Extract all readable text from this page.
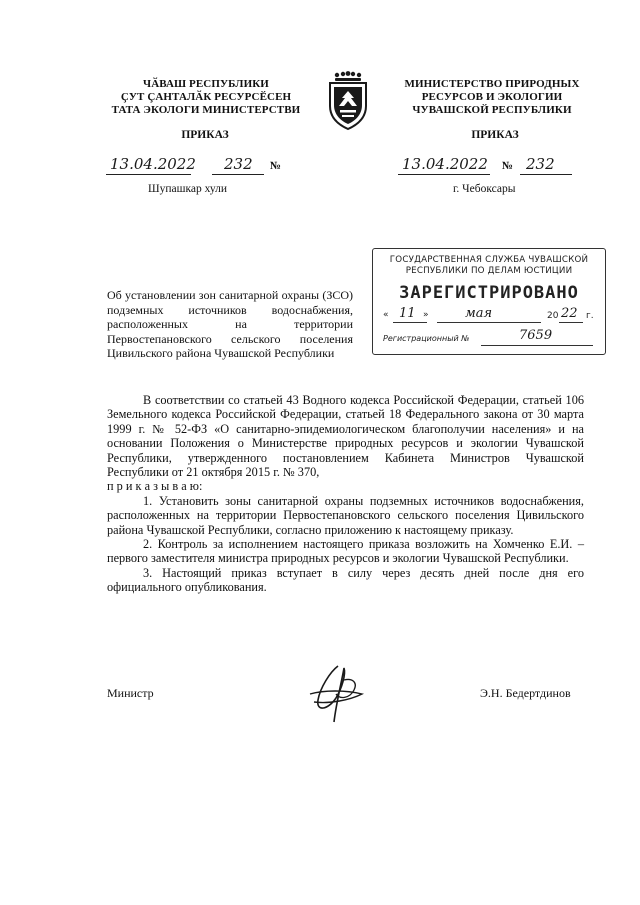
ЧӐВАШ РЕСПУБЛИКИ
ҪУТ ҪАНТАЛӐК РЕСУРСӖСЕН
ТАТА ЭКОЛОГИ МИНИСТЕРСТВИ
МИНИСТЕРСТВО ПРИРОДНЫХ
РЕСУРСОВ И ЭКОЛОГИИ
ЧУВАШСКОЙ РЕСПУБЛИКИ
ПРИКАЗ	ПРИКАЗ
13.04.2022 232 №	13.04.2022 № 232
Шупашкар хули	г. Чебоксары
ГОСУДАРСТВЕННАЯ СЛУЖБА ЧУВАШСКОЙ
РЕСПУБЛИКИ ПО ДЕЛАМ ЮСТИЦИИ
ЗАРЕГИСТРИРОВАНО
« 11 »	мая	20 22 г.
Регистрационный №	7659
Об установлении зон санитарной охраны (ЗСО) подземных источников водоснабжения, расположенных на территории Первостепановского сельского поселения Цивильского района Чувашской Республики

В соответствии со статьей 43 Водного кодекса Российской Федерации, статьей 106 Земельного кодекса Российской Федерации, статьей 18 Федерального закона от 30 марта 1999 г. № 52-ФЗ «О санитарно-эпидемиологическом благополучии населения» и на основании Положения о Министерстве природных ресурсов и экологии Чувашской Республики, утвержденного постановлением Кабинета Министров Чувашской Республики от 21 октября 2015 г. № 370,

п р и к а з ы в а ю:

1. Установить зоны санитарной охраны подземных источников водоснабжения, расположенных на территории Первостепановского сельского поселения Цивильского района Чувашской Республики, согласно приложению к настоящему приказу.

2. Контроль за исполнением настоящего приказа возложить на Хомченко Е.И. – первого заместителя министра природных ресурсов и экологии Чувашской Республики.

3. Настоящий приказ вступает в силу через десять дней после дня его официального опубликования.

Министр	Э.Н. Бедертдинов
